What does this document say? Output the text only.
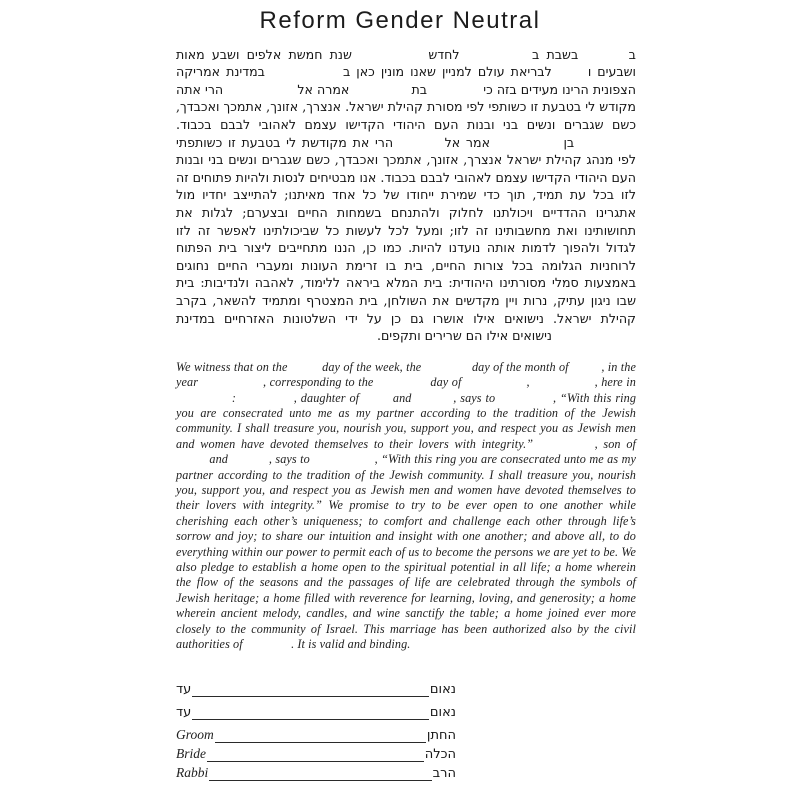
Reform Gender Neutral
ב  בשבת ב  לחדש  שנת חמשת אלפים ושבע מאות ושבעים ו  לבריאת עולם למניין שאנו מונין כאן ב  במדינת אמריקה הצפונית הרינו מעידים בזה כי  בת  אמרה אל  הרי אתה מקודש לי בטבעת זו כשותפי לפי מסורת קהילת ישראל. אנצרך, אזונך, אתמכך ואכבדך, כשם שגברים ונשים בני ובנות העם היהודי הקדישו עצמם לאהובי לבבם בכבוד.  בן  אמר אל  הרי את מקודשת לי בטבעת זו כשותפתי לפי מנהג קהילת ישראל אנצרך, אזונך, אתמכך ואכבדך, כשם שגברים ונשים בני ובנות העם היהודי הקדישו עצמם לאהובי לבבם בכבוד. אנו מבטיחים לנסות ולהיות פתוחים זה לזו בכל עת תמיד, תוך כדי שמירת ייחודו של כל אחד מאיתנו; להתייצב יחדיו מול אתגרינו ההדדיים ויכולתנו לחלוק ולהתנחם בשמחות החיים ובצערם; לגלות את תחושותינו ואת מחשבותינו זה לזו; ומעל לכל לעשות כל שביכולתינו לאפשר זה לזו לגדול ולהפוך לדמות אותה נועדנו להיות. כמו כן, הננו מתחייבים ליצור בית הפתוח לרוחניות הגלומה בכל צורות החיים, בית בו זרימת העונות ומעברי החיים נחוגים באמצעות סמלי מסורתינו היהודית: בית המלא ביראה ללימוד, לאהבה ולנדיבות: בית שבו ניגון עתיק, נרות ויין מקדשים את השולחן, בית המצטרף ומתמיד להשאר, בקרב קהילת ישראל. נישואים אילו אושרו גם כן על ידי השלטונות האזרחיים במדינת  נישואים אילו הם שרירים ותקפים.
We witness that on the	day of the week, the	day of the month of	, in the year	, corresponding to the	day of	,	, here in  :	, daughter of	and	, says to	, “With this ring you are consecrated unto me as my partner according to the tradition of the Jewish community. I shall treasure you, nourish you, support you, and respect you as Jewish men and women have devoted themselves to their lovers with integrity.”	, son of  and	, says to	, “With this ring you are consecrated unto me as my partner according to the tradition of the Jewish community. I shall treasure you, nourish you, support you, and respect you as Jewish men and women have devoted themselves to their lovers with integrity.” We promise to try to be ever open to one another while cherishing each other’s uniqueness; to comfort and challenge each other through life’s sorrow and joy; to share our intuition and insight with one another; and above all, to do everything within our power to permit each of us to become the persons we are yet to be. We also pledge to establish a home open to the spiritual potential in all life; a home wherein the flow of the seasons and the passages of life are celebrated through the symbols of Jewish heritage; a home filled with reverence for learning, loving, and generosity; a home wherein ancient melody, candles, and wine sanctify the table; a home joined ever more closely to the community of Israel. This marriage has been authorized also by the civil authorities of	. It is valid and binding.
עד	נאום
עד	נאום
Groom	החתן
Bride	הכלה
Rabbi	הרב
